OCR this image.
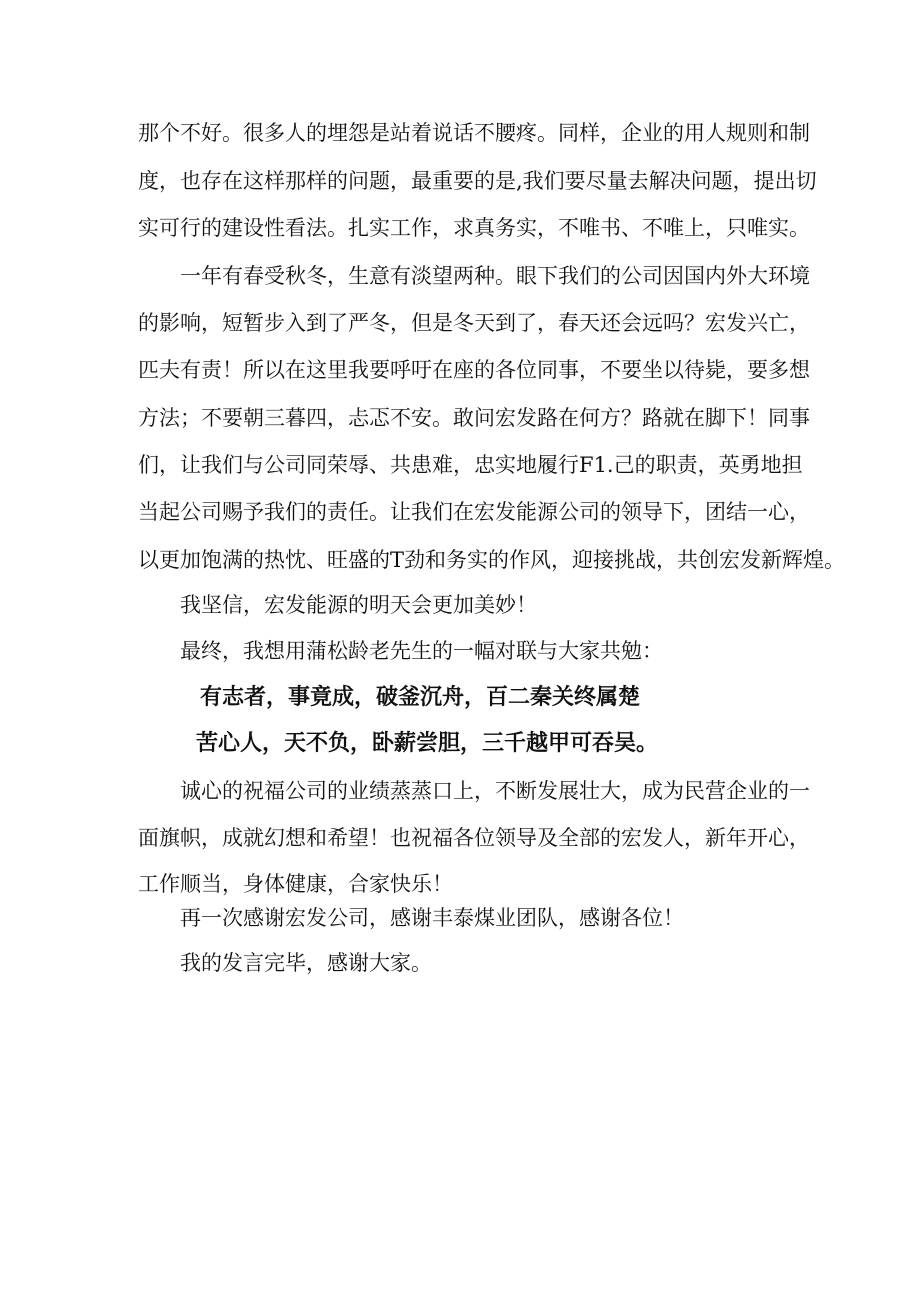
那个不好。很多人的埋怨是站着说话不腰疼。同样，企业的用人规则和制
度，也存在这样那样的问题，最重要的是,我们要尽量去解决问题，提出切
实可行的建设性看法。扎实工作，求真务实，不唯书、不唯上，只唯实。
一年有春受秋冬，生意有淡望两种。眼下我们的公司因国内外大环境
的影响，短暂步入到了严冬，但是冬天到了，春天还会远吗？宏发兴亡，
匹夫有责！所以在这里我要呼吁在座的各位同事，不要坐以待毙，要多想
方法；不要朝三暮四，忐忑不安。敢问宏发路在何方？路就在脚下！同事
们，让我们与公司同荣辱、共患难，忠实地履行F1.己的职责，英勇地担
当起公司赐予我们的责任。让我们在宏发能源公司的领导下，团结一心，
以更加饱满的热忱、旺盛的T劲和务实的作风，迎接挑战，共创宏发新辉煌。
我坚信，宏发能源的明天会更加美妙！
最终，我想用蒲松龄老先生的一幅对联与大家共勉：
有志者，事竟成，破釜沉舟，百二秦关终属楚
苦心人，天不负，卧薪尝胆，三千越甲可吞吴。
诚心的祝福公司的业绩蒸蒸口上，不断发展壮大，成为民营企业的一
面旗帜，成就幻想和希望！也祝福各位领导及全部的宏发人，新年开心，
工作顺当，身体健康，合家快乐！
再一次感谢宏发公司，感谢丰泰煤业团队，感谢各位！
我的发言完毕，感谢大家。
